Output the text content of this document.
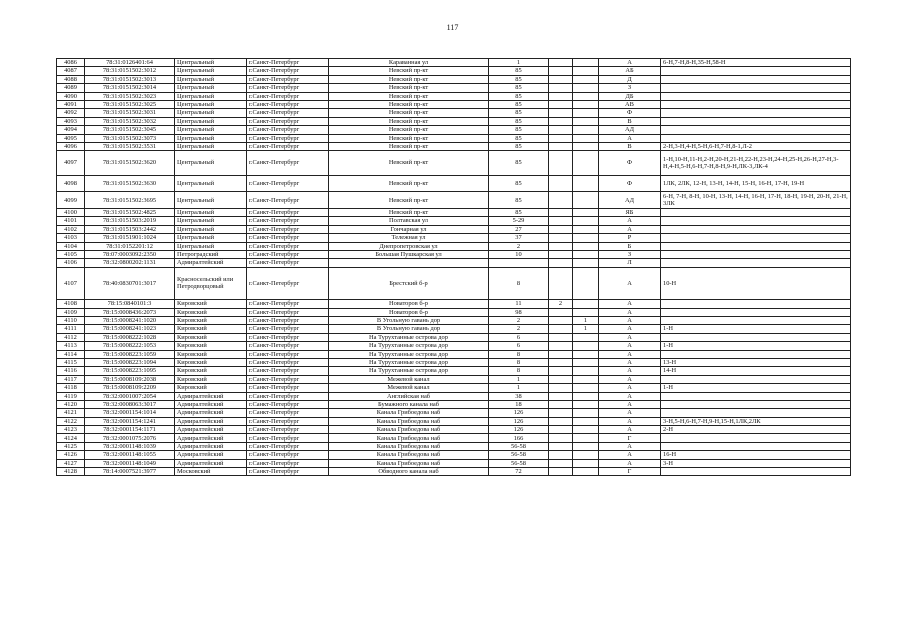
117
4086	78:31:0126401:64	Центральный	г.Санкт-Петербург	Караванная ул	1			А	6-Н,7-Н,8-Н,35-Н,58-Н
4087	78:31:0151502:3012	Центральный	г.Санкт-Петербург	Невский пр-кт	85			АБ	
4088	78:31:0151502:3013	Центральный	г.Санкт-Петербург	Невский пр-кт	85			Д	
4089	78:31:0151502:3014	Центральный	г.Санкт-Петербург	Невский пр-кт	85			З	
4090	78:31:0151502:3023	Центральный	г.Санкт-Петербург	Невский пр-кт	85			ДБ	
4091	78:31:0151502:3025	Центральный	г.Санкт-Петербург	Невский пр-кт	85			АВ	
4092	78:31:0151502:3031	Центральный	г.Санкт-Петербург	Невский пр-кт	85			Ф	
4093	78:31:0151502:3032	Центральный	г.Санкт-Петербург	Невский пр-кт	85			В	
4094	78:31:0151502:3045	Центральный	г.Санкт-Петербург	Невский пр-кт	85			АД	
4095	78:31:0151502:3073	Центральный	г.Санкт-Петербург	Невский пр-кт	85			А	
4096	78:31:0151502:3531	Центральный	г.Санкт-Петербург	Невский пр-кт	85			В	2-Н,3-Н,4-Н,5-Н,6-Н,7-Н,8-1,Л-2
4097	78:31:0151502:3620	Центральный	г.Санкт-Петербург	Невский пр-кт	85			Ф	1-Н,10-Н,11-Н,2-Н,20-Н,21-Н,22-Н,23-Н,24-Н,25-Н,26-Н,27-Н,3-Н,4-Н,5-Н,6-Н,7-Н,8-Н,9-Н,ЛК-3,ЛК-4
4098	78:31:0151502:3630	Центральный	г.Санкт-Петербург	Невский пр-кт	85			Ф	1ЛК, 2ЛК, 12-Н, 13-Н, 14-Н, 15-Н, 16-Н, 17-Н, 19-Н
4099	78:31:0151502:3695	Центральный	г.Санкт-Петербург	Невский пр-кт	85			АД	6-Н, 7-Н, 8-Н, 10-Н, 13-Н, 14-Н, 16-Н, 17-Н, 18-Н, 19-Н, 20-Н, 21-Н, 3ЛК
4100	78:31:0151502:4825	Центральный	г.Санкт-Петербург	Невский пр-кт	85			ЯБ	
4101	78:31:0151503:2019	Центральный	г.Санкт-Петербург	Полтавская ул	5-29			А	
4102	78:31:0151503:2442	Центральный	г.Санкт-Петербург	Гончарная ул	27			А	
4103	78:31:0151901:1024	Центральный	г.Санкт-Петербург	Тележная ул	37			Р	
4104	78:31:0152201:12	Центральный	г.Санкт-Петербург	Днепропетровская ул	2			Б	
4105	78:07:0003092:2350	Петроградский	г.Санкт-Петербург	Большая Пушкарская ул	10			З	
4106	78:32:0800202:1131	Адмиралтейский	г.Санкт-Петербург					Л	
4107	78:40:0830701:3017	Красносельский или Петродворцовый	г.Санкт-Петербург	Брестский б-р	8			А	10-Н
4108	78:15:0840101:3	Кировский	г.Санкт-Петербург	Новаторов б-р	11	2		А	
4109	78:15:0008436:2073	Кировский	г.Санкт-Петербург	Новаторов б-р	98			А	
4110	78:15:0008241:1020	Кировский	г.Санкт-Петербург	В Угольную гавань дор	2		1	А	
4111	78:15:0008241:1023	Кировский	г.Санкт-Петербург	В Угольную гавань дор	2		1	А	1-Н
4112	78:15:0008222:1028	Кировский	г.Санкт-Петербург	На Турухтанные острова дор	6			А	
4113	78:15:0008222:1053	Кировский	г.Санкт-Петербург	На Турухтанные острова дор	6			А	1-Н
4114	78:15:0008223:1059	Кировский	г.Санкт-Петербург	На Турухтанные острова дор	8			А	
4115	78:15:0008223:1094	Кировский	г.Санкт-Петербург	На Турухтанные острова дор	8			А	13-Н
4116	78:15:0008223:1095	Кировский	г.Санкт-Петербург	На Турухтанные острова дор	8			А	14-Н
4117	78:15:0008109:2038	Кировский	г.Санкт-Петербург	Межевой канал	1			А	
4118	78:15:0008109:2209	Кировский	г.Санкт-Петербург	Межевой канал	1			А	1-Н
4119	78:32:0001007:2054	Адмиралтейский	г.Санкт-Петербург	Английская наб	38			А	
4120	78:32:0008063:3017	Адмиралтейский	г.Санкт-Петербург	Бумажного канала наб	18			А	
4121	78:32:0001154:1014	Адмиралтейский	г.Санкт-Петербург	Канала Грибоедова наб	126			А	
4122	78:32:0001154:1241	Адмиралтейский	г.Санкт-Петербург	Канала Грибоедова наб	126			А	3-Н,5-Н,6-Н,7-Н,9-Н,15-Н,1ЛК,2ЛК
4123	78:32:0001154:1171	Адмиралтейский	г.Санкт-Петербург	Канала Грибоедова наб	126			А	2-Н
4124	78:32:0001075:2076	Адмиралтейский	г.Санкт-Петербург	Канала Грибоедова наб	166			Г	
4125	78:32:0001148:1039	Адмиралтейский	г.Санкт-Петербург	Канала Грибоедова наб	56-58			А	
4126	78:32:0001148:1055	Адмиралтейский	г.Санкт-Петербург	Канала Грибоедова наб	56-58			А	16-Н
4127	78:32:0001148:1049	Адмиралтейский	г.Санкт-Петербург	Канала Грибоедова наб	56-58			А	3-Н
4128	78:14:0007521:3977	Московский	г.Санкт-Петербург	Обводного канала наб	72			Г	
